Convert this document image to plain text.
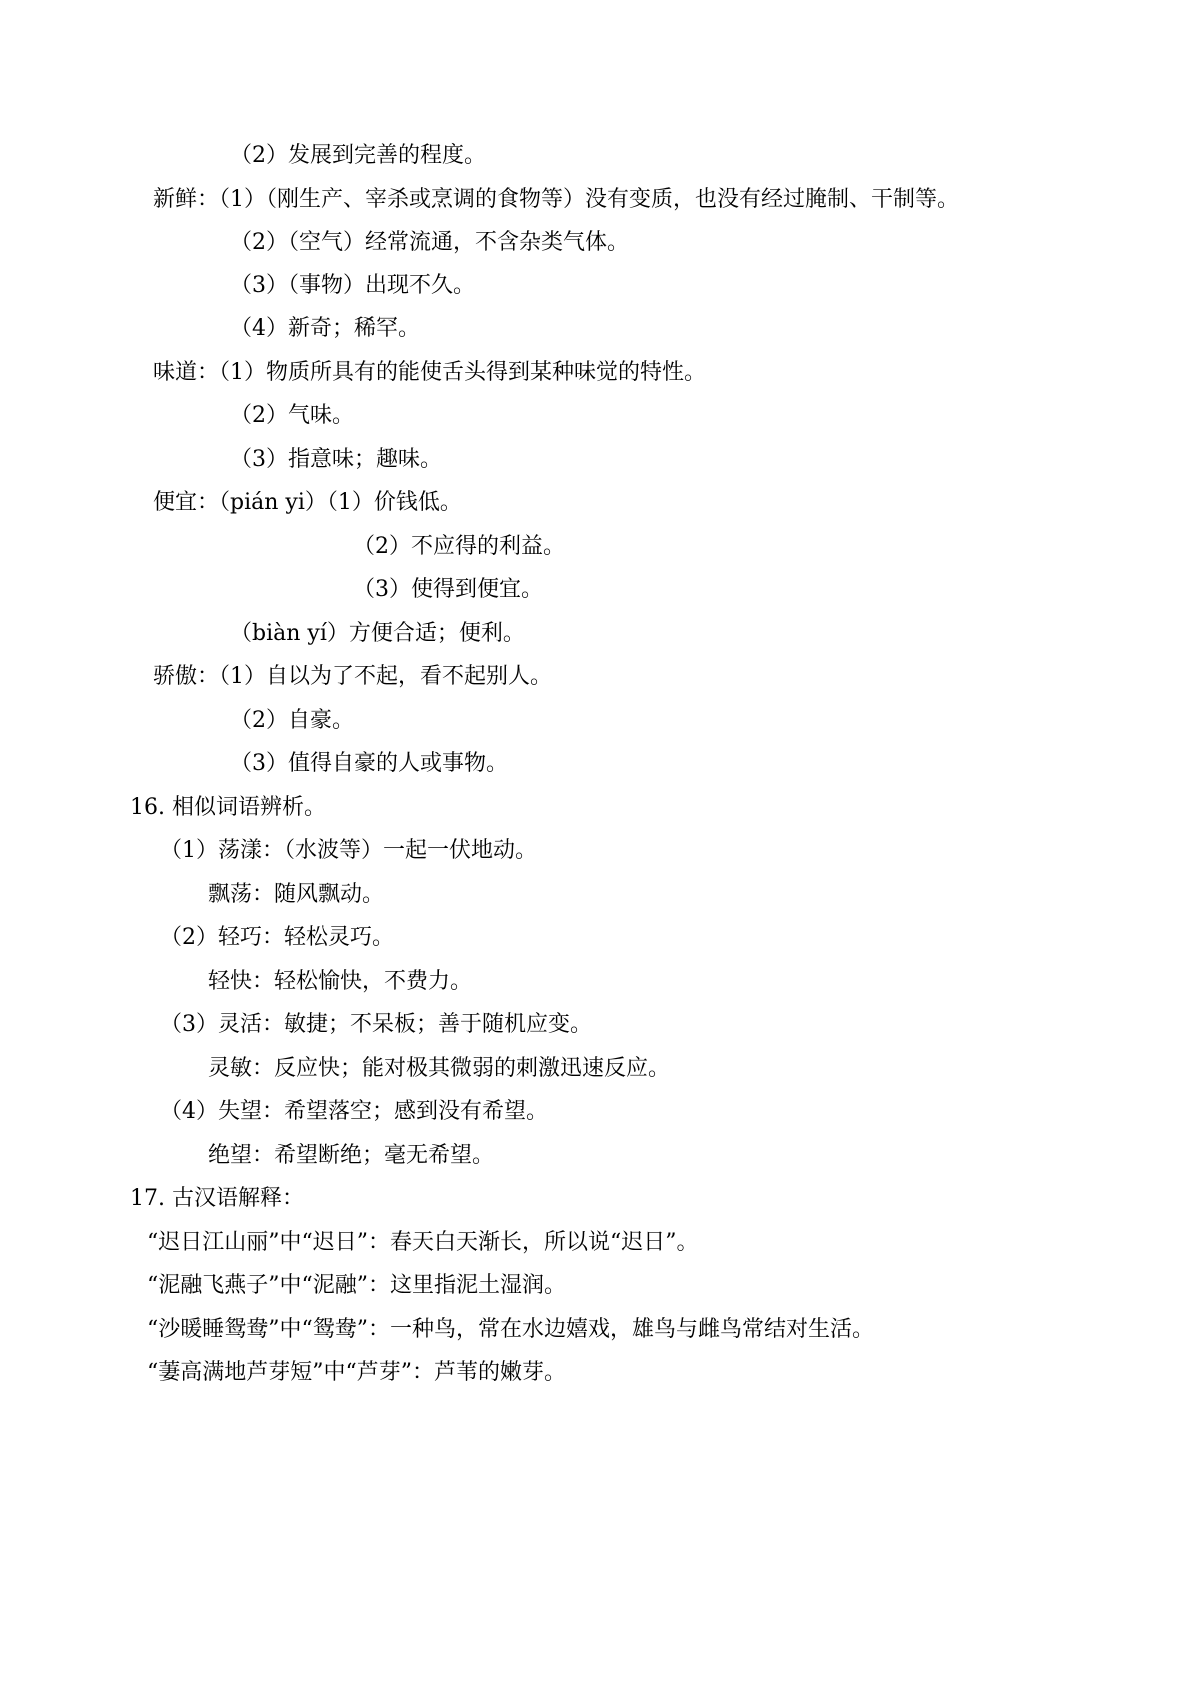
（2）发展到完善的程度。
新鲜：（1）（刚生产、宰杀或烹调的食物等）没有变质，也没有经过腌制、干制等。
（2）（空气）经常流通，不含杂类气体。
（3）（事物）出现不久。
（4）新奇；稀罕。
味道：（1）物质所具有的能使舌头得到某种味觉的特性。
（2）气味。
（3）指意味；趣味。
便宜：（pián yi）（1）价钱低。
（2）不应得的利益。
（3）使得到便宜。
（biàn yí）方便合适；便利。
骄傲：（1）自以为了不起，看不起别人。
（2）自豪。
（3）值得自豪的人或事物。
16. 相似词语辨析。
（1）荡漾：（水波等）一起一伏地动。
飘荡：随风飘动。
（2）轻巧：轻松灵巧。
轻快：轻松愉快，不费力。
（3）灵活：敏捷；不呆板；善于随机应变。
灵敏：反应快；能对极其微弱的刺激迅速反应。
（4）失望：希望落空；感到没有希望。
绝望：希望断绝；毫无希望。
17. 古汉语解释：
“迟日江山丽”中“迟日”：春天白天渐长，所以说“迟日”。
“泥融飞燕子”中“泥融”：这里指泥土湿润。
“沙暖睡鸳鸯”中“鸳鸯”：一种鸟，常在水边嬉戏，雄鸟与雌鸟常结对生活。
“萋高满地芦芽短”中“芦芽”：芦苇的嫩芽。
